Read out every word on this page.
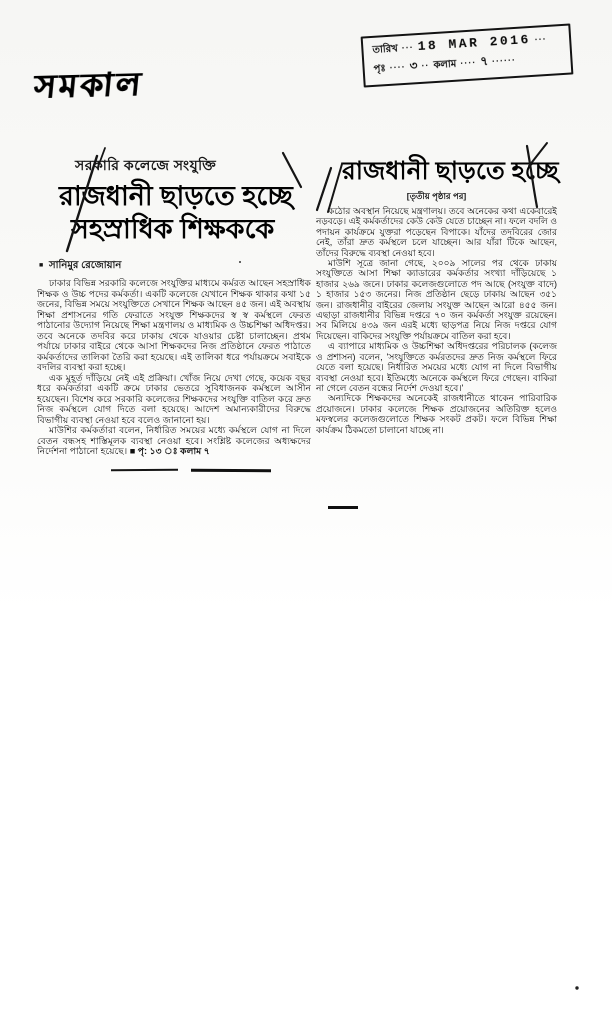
সমকাল
তারিখ ··· 18 MAR 2016 ···
পৃঃ ···· ৩ ·· কলাম ···· ৭ ······
সরকারি কলেজে সংযুক্তি
রাজধানী ছাড়তে হচ্ছে
সহস্রাধিক শিক্ষককে
■ সানিমুর রেজোয়ান

ঢাকার বিভিন্ন সরকারি কলেজে সংযুক্তির মাধ্যমে কর্মরত আছেন সহস্রাধিক শিক্ষক ও উচ্চ পদের কর্মকর্তা। একটি কলেজে যেখানে শিক্ষক থাকার কথা ১৫ জনের, বিভিন্ন সময়ে সংযুক্তিতে সেখানে শিক্ষক আছেন ৪৫ জন। এই অবস্থায় শিক্ষা প্রশাসনের গতি ফেরাতে সংযুক্ত শিক্ষকদের স্ব স্ব কর্মস্থলে ফেরত পাঠানোর উদ্যোগ নিয়েছে শিক্ষা মন্ত্রণালয় ও মাধ্যমিক ও উচ্চশিক্ষা অধিদপ্তর। তবে অনেকে তদবির করে ঢাকায় থেকে যাওয়ার চেষ্টা চালাচ্ছেন। প্রথম পর্যায়ে ঢাকার বাইরে থেকে আসা শিক্ষকদের নিজ প্রতিষ্ঠানে ফেরত পাঠাতে কর্মকর্তাদের তালিকা তৈরি করা হয়েছে। এই তালিকা ধরে পর্যায়ক্রমে সবাইকে বদলির ব্যবস্থা করা হচ্ছে।

এক মুহূর্ত দাঁড়িয়ে নেই এই প্রক্রিয়া। খোঁজ নিয়ে দেখা গেছে, কয়েক বছর ধরে কর্মকর্তারা একটি ক্রমে ঢাকার ভেতরে সুবিধাজনক কর্মস্থলে আসীন হয়েছেন। বিশেষ করে সরকারি কলেজের শিক্ষকদের সংযুক্তি বাতিল করে দ্রুত নিজ কর্মস্থলে যোগ দিতে বলা হয়েছে। আদেশ অমান্যকারীদের বিরুদ্ধে বিভাগীয় ব্যবস্থা নেওয়া হবে বলেও জানানো হয়।

মাউশির কর্মকর্তারা বলেন, নির্ধারিত সময়ের মধ্যে কর্মস্থলে যোগ না দিলে বেতন বন্ধসহ শাস্তিমূলক ব্যবস্থা নেওয়া হবে। সংশ্লিষ্ট কলেজের অধ্যক্ষদের নির্দেশনা পাঠানো হয়েছে। ■ পৃ: ১৩ ঃ কলাম ৭

রাজধানী ছাড়তে হচ্ছে
[তৃতীয় পৃষ্ঠার পর]

কঠোর অবস্থান নিয়েছে মন্ত্রণালয়। তবে অনেকের কথা একেবারেই নড়বড়ে। এই কর্মকর্তাদের কেউ কেউ যেতে চাচ্ছেন না। ফলে বদলি ও পদায়ন কার্যক্রমে যুক্তরা পড়েছেন বিপাকে। যাঁদের তদবিরের জোর নেই, তাঁরা দ্রুত কর্মস্থলে চলে যাচ্ছেন। আর যাঁরা টিকে আছেন, তাঁদের বিরুদ্ধে ব্যবস্থা নেওয়া হবে।

মাউশি সূত্রে জানা গেছে, ২০০৯ সালের পর থেকে ঢাকায় সংযুক্তিতে আসা শিক্ষা ক্যাডারের কর্মকর্তার সংখ্যা দাঁড়িয়েছে ১ হাজার ২৬৯ জনে। ঢাকার কলেজগুলোতে পদ আছে (সংযুক্ত বাদে) ১ হাজার ১৫৩ জনের। নিজ প্রতিষ্ঠান ছেড়ে ঢাকায় আছেন ৩৫১ জন। রাজধানীর বাইরের জেলায় সংযুক্ত আছেন আরো ৪৫৫ জন। এছাড়া রাজধানীর বিভিন্ন দপ্তরে ৭০ জন কর্মকর্তা সংযুক্ত রয়েছেন। সব মিলিয়ে ৪৩৯ জন এরই মধ্যে ছাড়পত্র নিয়ে নিজ দপ্তরে যোগ দিয়েছেন। বাকিদের সংযুক্তি পর্যায়ক্রমে বাতিল করা হবে।

এ ব্যাপারে মাধ্যমিক ও উচ্চশিক্ষা অধিদপ্তরের পরিচালক (কলেজ ও প্রশাসন) বলেন, 'সংযুক্তিতে কর্মরতদের দ্রুত নিজ কর্মস্থলে ফিরে যেতে বলা হয়েছে। নির্ধারিত সময়ের মধ্যে যোগ না দিলে বিভাগীয় ব্যবস্থা নেওয়া হবে। ইতিমধ্যে অনেকে কর্মস্থলে ফিরে গেছেন। বাকিরা না গেলে বেতন বন্ধের নির্দেশ দেওয়া হবে।'

অন্যদিকে শিক্ষকদের অনেকেই রাজধানীতে থাকেন পারিবারিক প্রয়োজনে। ঢাকার কলেজে শিক্ষক প্রয়োজনের অতিরিক্ত হলেও মফস্বলের কলেজগুলোতে শিক্ষক সংকট প্রকট। ফলে বিভিন্ন শিক্ষা কার্যক্রম ঠিকমতো চালানো যাচ্ছে না।
